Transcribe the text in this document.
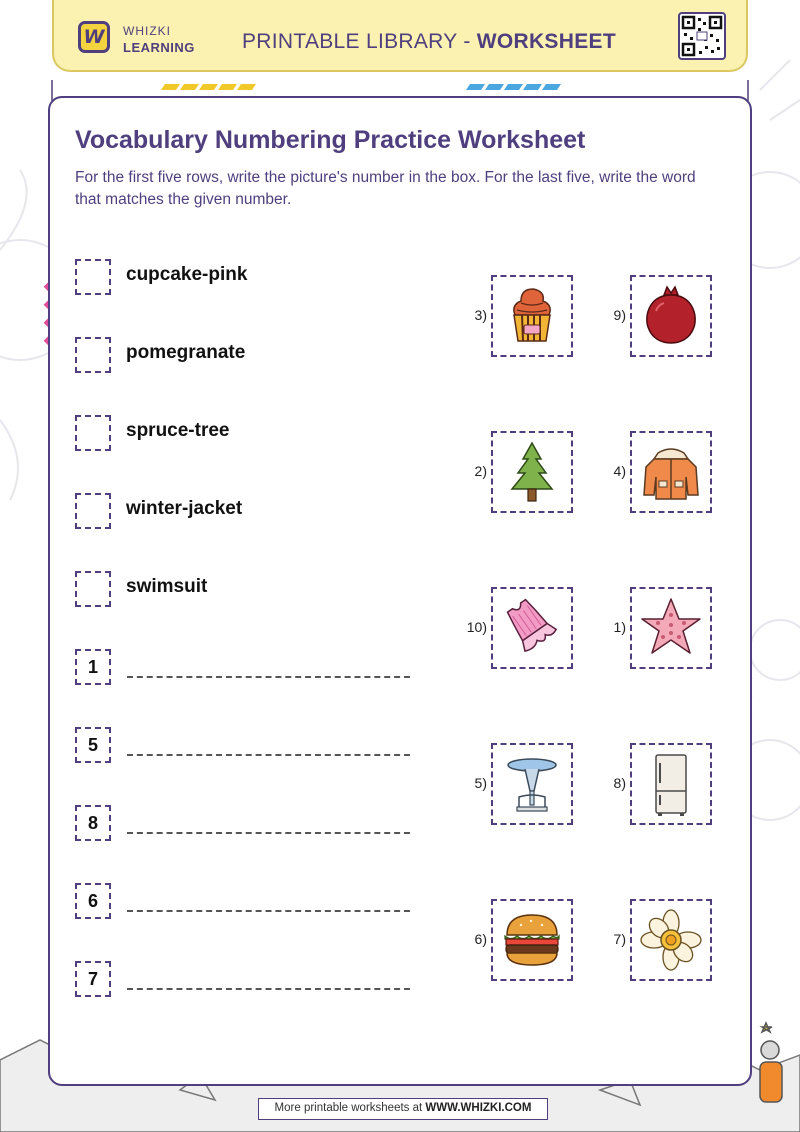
W	WHIZKI
LEARNING PRINTABLE LIBRARY - WORKSHEET
Vocabulary Numbering Practice Worksheet

For the first five rows, write the picture's number in the box. For the last five, write the word that matches the given number.

cupcake-pink
pomegranate
spruce-tree
winter-jacket
swimsuit
1
5
8
6
7
3)	9)
2)	4)
10)	1)
5)	8)
6)	7)
More printable worksheets at WWW.WHIZKI.COM
